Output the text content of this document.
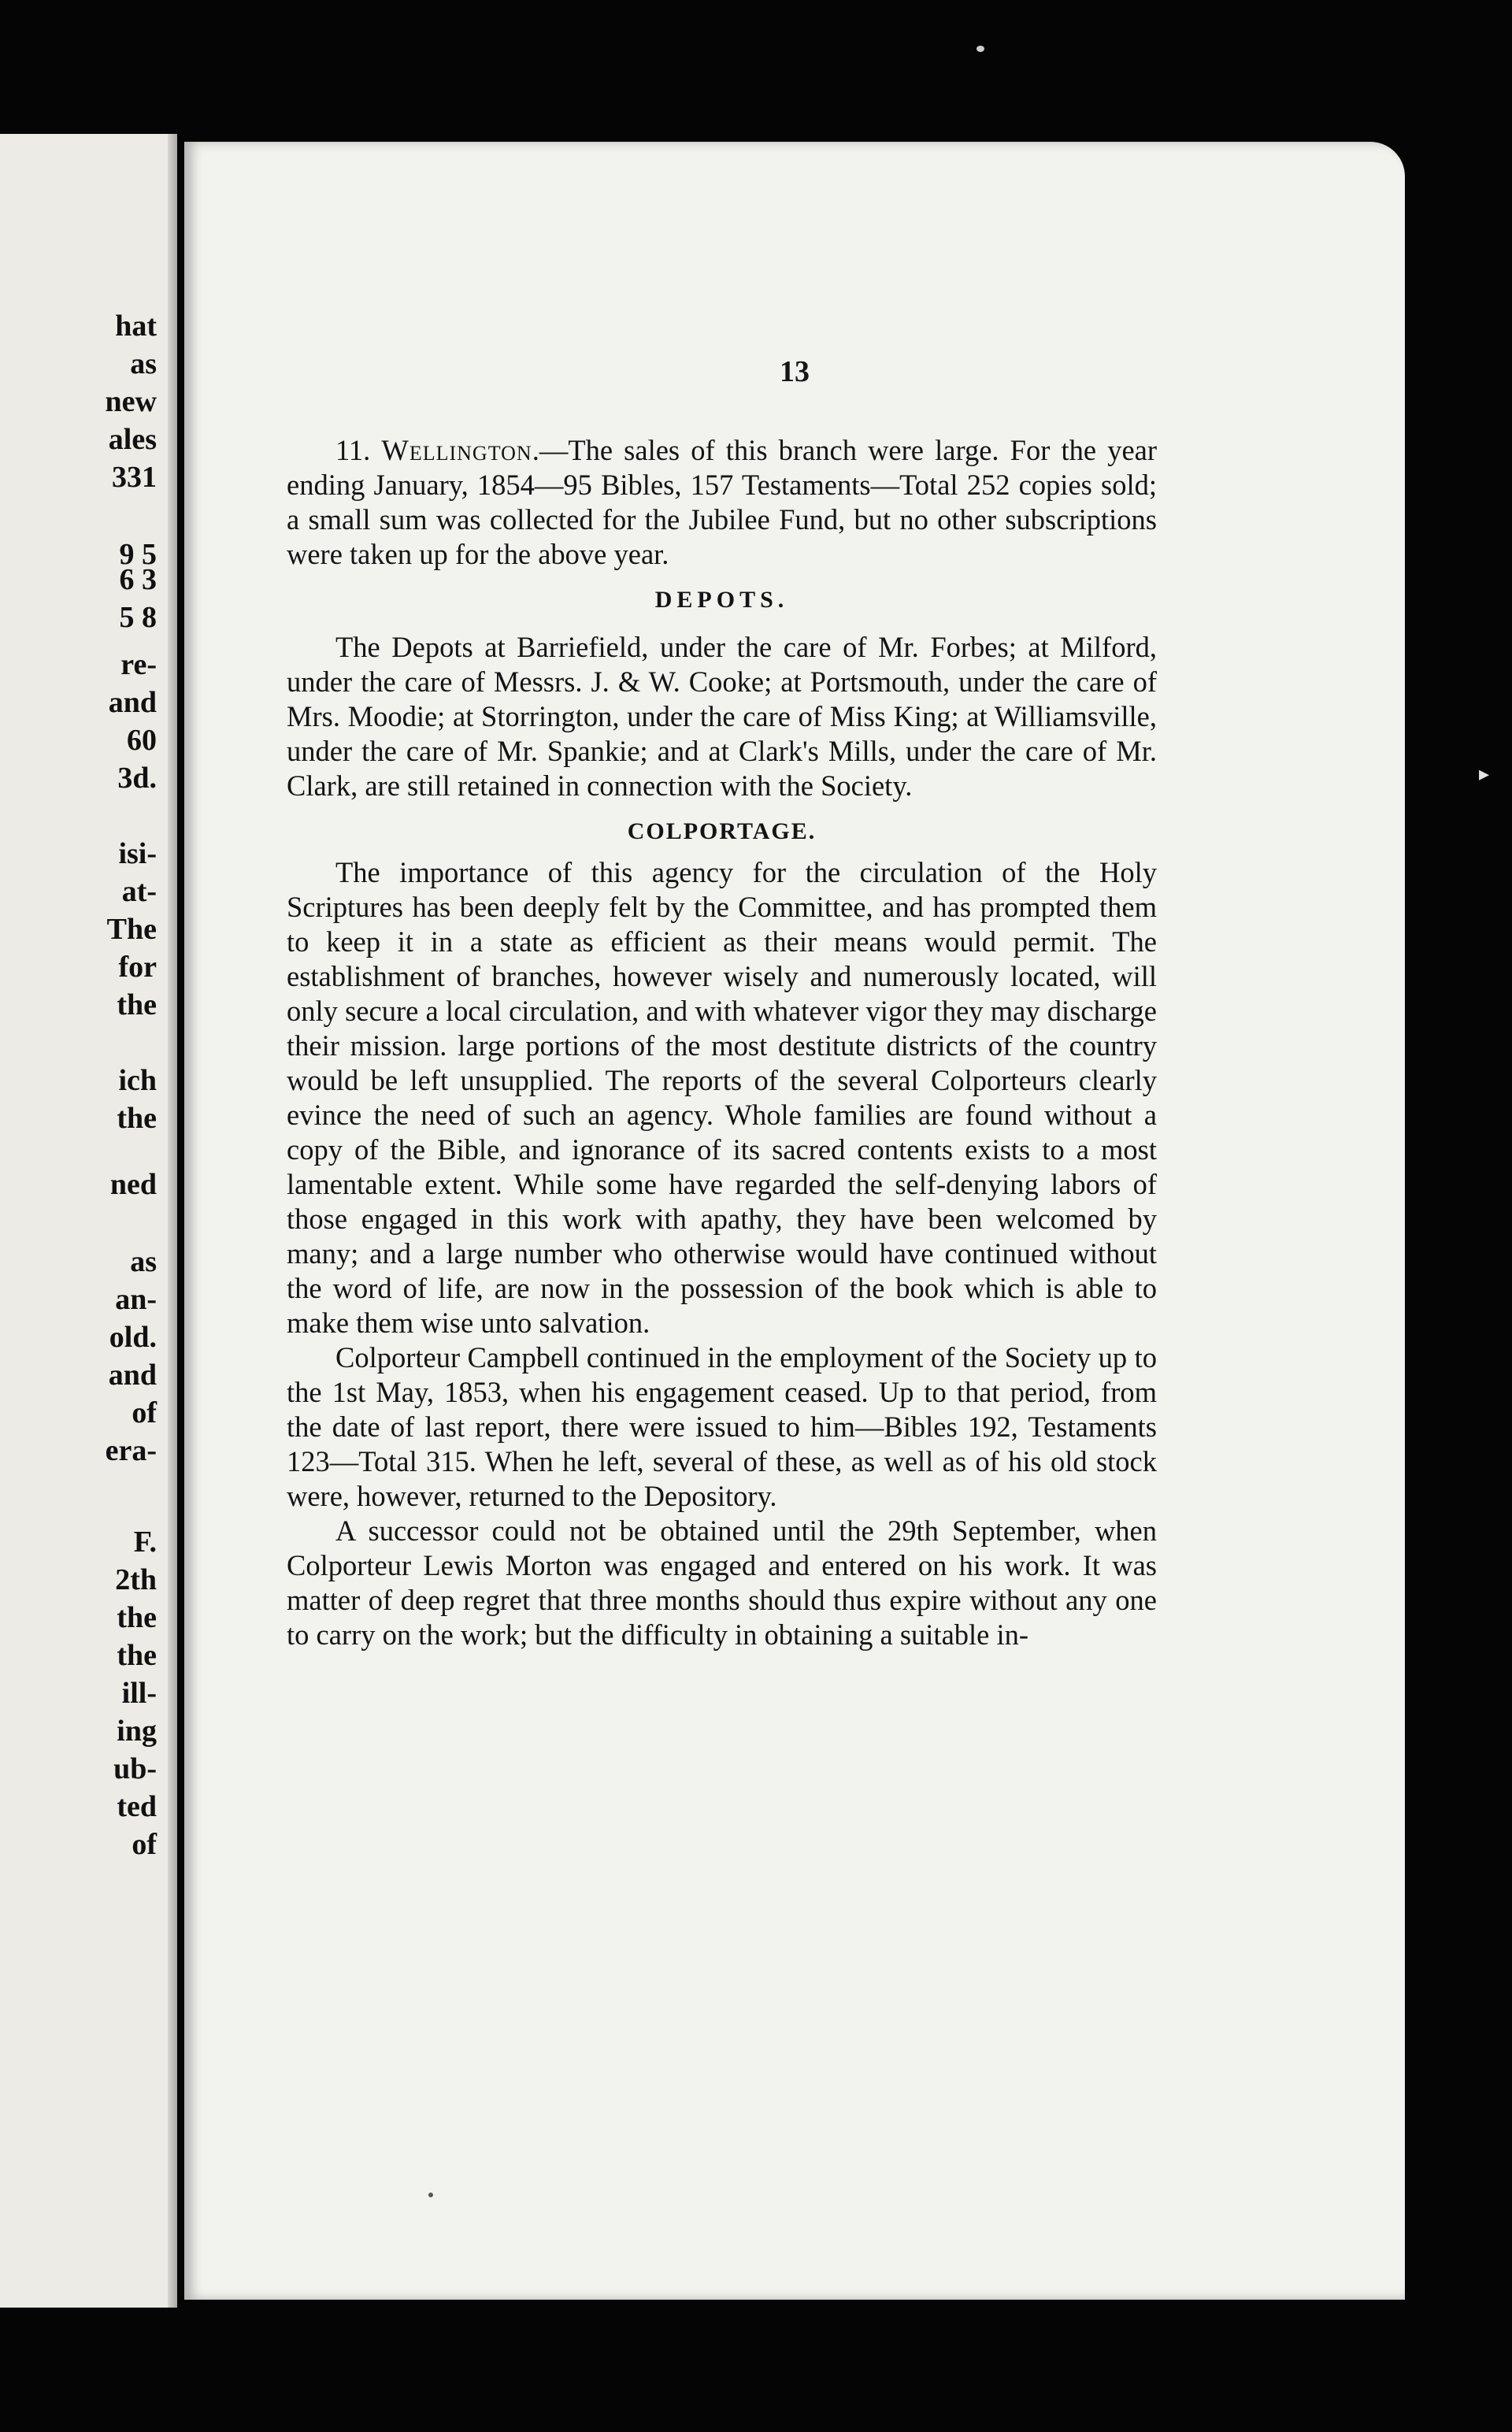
hat

as

new

ales

331

9 5

6 3

5 8

re-

and

60

3d.

isi-

at-

The

for

the

ich

the

ned

as

an-

old.

and

of

era-

F.

2th

the

the

ill-

ing

ub-

ted

of

13

11. Wellington.—The sales of this branch were large. For the year ending January, 1854—95 Bibles, 157 Testaments—Total 252 copies sold; a small sum was collected for the Jubilee Fund, but no other subscriptions were taken up for the above year.

DEPOTS.

The Depots at Barriefield, under the care of Mr. Forbes; at Milford, under the care of Messrs. J. & W. Cooke; at Portsmouth, under the care of Mrs. Moodie; at Storrington, under the care of Miss King; at Williamsville, under the care of Mr. Spankie; and at Clark's Mills, under the care of Mr. Clark, are still retained in connection with the Society.

COLPORTAGE.

The importance of this agency for the circulation of the Holy Scriptures has been deeply felt by the Committee, and has prompted them to keep it in a state as efficient as their means would permit. The establishment of branches, however wisely and numerously located, will only secure a local circulation, and with whatever vigor they may discharge their mission. large portions of the most destitute districts of the country would be left unsupplied. The reports of the several Colporteurs clearly evince the need of such an agency. Whole families are found without a copy of the Bible, and ignorance of its sacred contents exists to a most lamentable extent. While some have regarded the self-denying labors of those engaged in this work with apathy, they have been welcomed by many; and a large number who otherwise would have continued without the word of life, are now in the possession of the book which is able to make them wise unto salvation.

Colporteur Campbell continued in the employment of the Society up to the 1st May, 1853, when his engagement ceased. Up to that period, from the date of last report, there were issued to him—Bibles 192, Testaments 123—Total 315. When he left, several of these, as well as of his old stock were, however, returned to the Depository.

A successor could not be obtained until the 29th September, when Colporteur Lewis Morton was engaged and entered on his work. It was matter of deep regret that three months should thus expire without any one to carry on the work; but the difficulty in obtaining a suitable in-

▸
